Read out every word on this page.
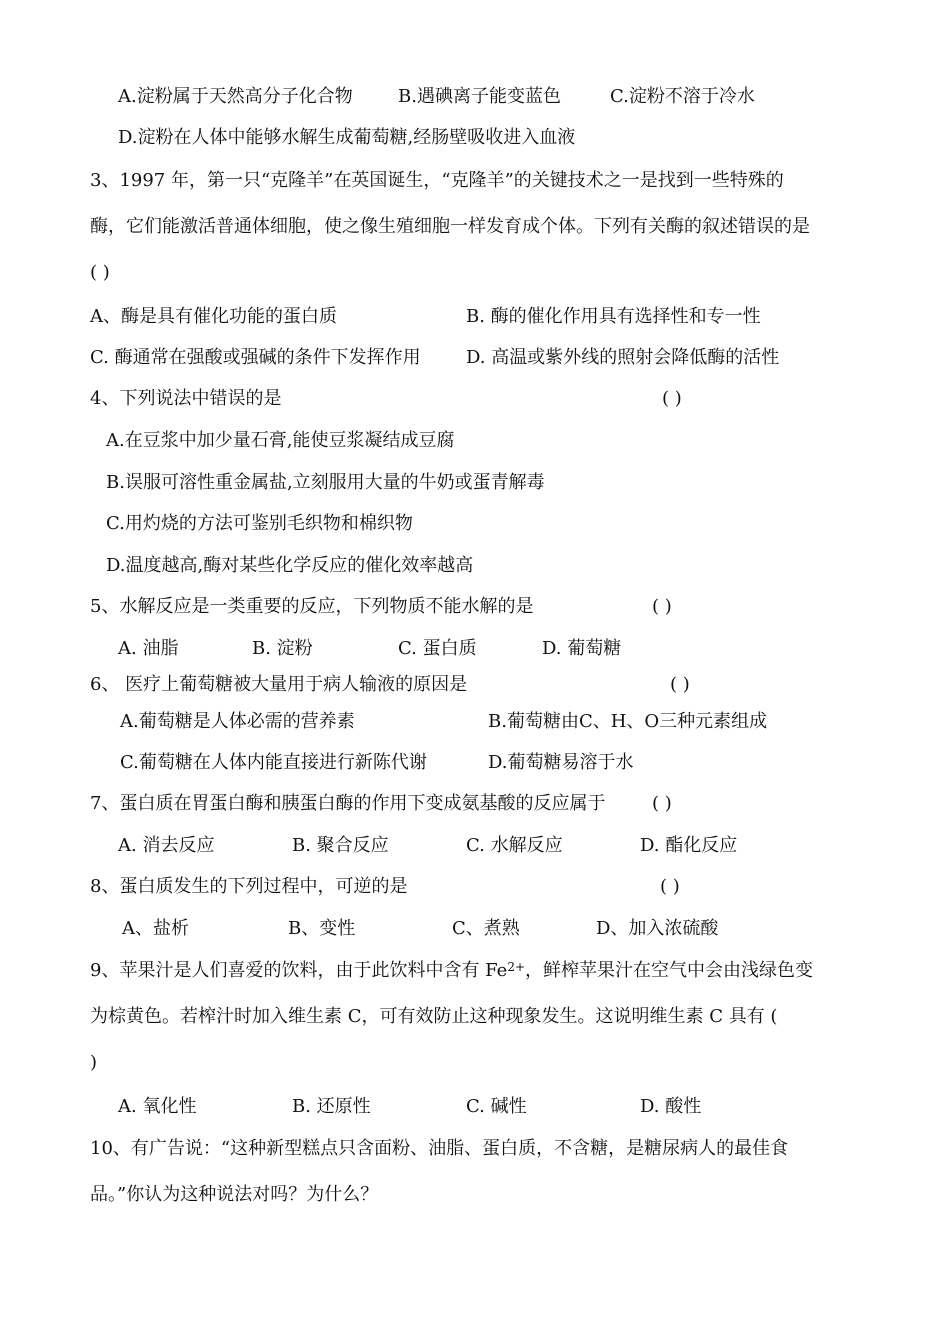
A.淀粉属于天然高分子化合物	B.遇碘离子能变蓝色	C.淀粉不溶于冷水
D.淀粉在人体中能够水解生成葡萄糖,经肠壁吸收进入血液
3、1997 年，第一只“克隆羊”在英国诞生，“克隆羊”的关键技术之一是找到一些特殊的
酶，它们能激活普通体细胞，使之像生殖细胞一样发育成个体。下列有关酶的叙述错误的是
( )
A、酶是具有催化功能的蛋白质	B. 酶的催化作用具有选择性和专一性
C. 酶通常在强酸或强碱的条件下发挥作用	D. 高温或紫外线的照射会降低酶的活性
4、下列说法中错误的是	( )
A.在豆浆中加少量石膏,能使豆浆凝结成豆腐
B.误服可溶性重金属盐,立刻服用大量的牛奶或蛋青解毒
C.用灼烧的方法可鉴别毛织物和棉织物
D.温度越高,酶对某些化学反应的催化效率越高
5、水解反应是一类重要的反应，下列物质不能水解的是	( )
A. 油脂	B. 淀粉	C. 蛋白质	D. 葡萄糖
6、 医疗上葡萄糖被大量用于病人输液的原因是	( )
A.葡萄糖是人体必需的营养素	B.葡萄糖由C、H、O三种元素组成
C.葡萄糖在人体内能直接进行新陈代谢	D.葡萄糖易溶于水
7、蛋白质在胃蛋白酶和胰蛋白酶的作用下变成氨基酸的反应属于	( )
A. 消去反应	B. 聚合反应	C. 水解反应	D. 酯化反应
8、蛋白质发生的下列过程中，可逆的是	( )
A、盐析	B、变性	C、煮熟	D、加入浓硫酸
9、苹果汁是人们喜爱的饮料，由于此饮料中含有 $Fe^{2+}$，鲜榨苹果汁在空气中会由浅绿色变
为棕黄色。若榨汁时加入维生素 C，可有效防止这种现象发生。这说明维生素 C 具有 (
)
A. 氧化性	B. 还原性	C. 碱性	D. 酸性
10、有广告说：“这种新型糕点只含面粉、油脂、蛋白质，不含糖，是糖尿病人的最佳食
品。”你认为这种说法对吗？为什么？
